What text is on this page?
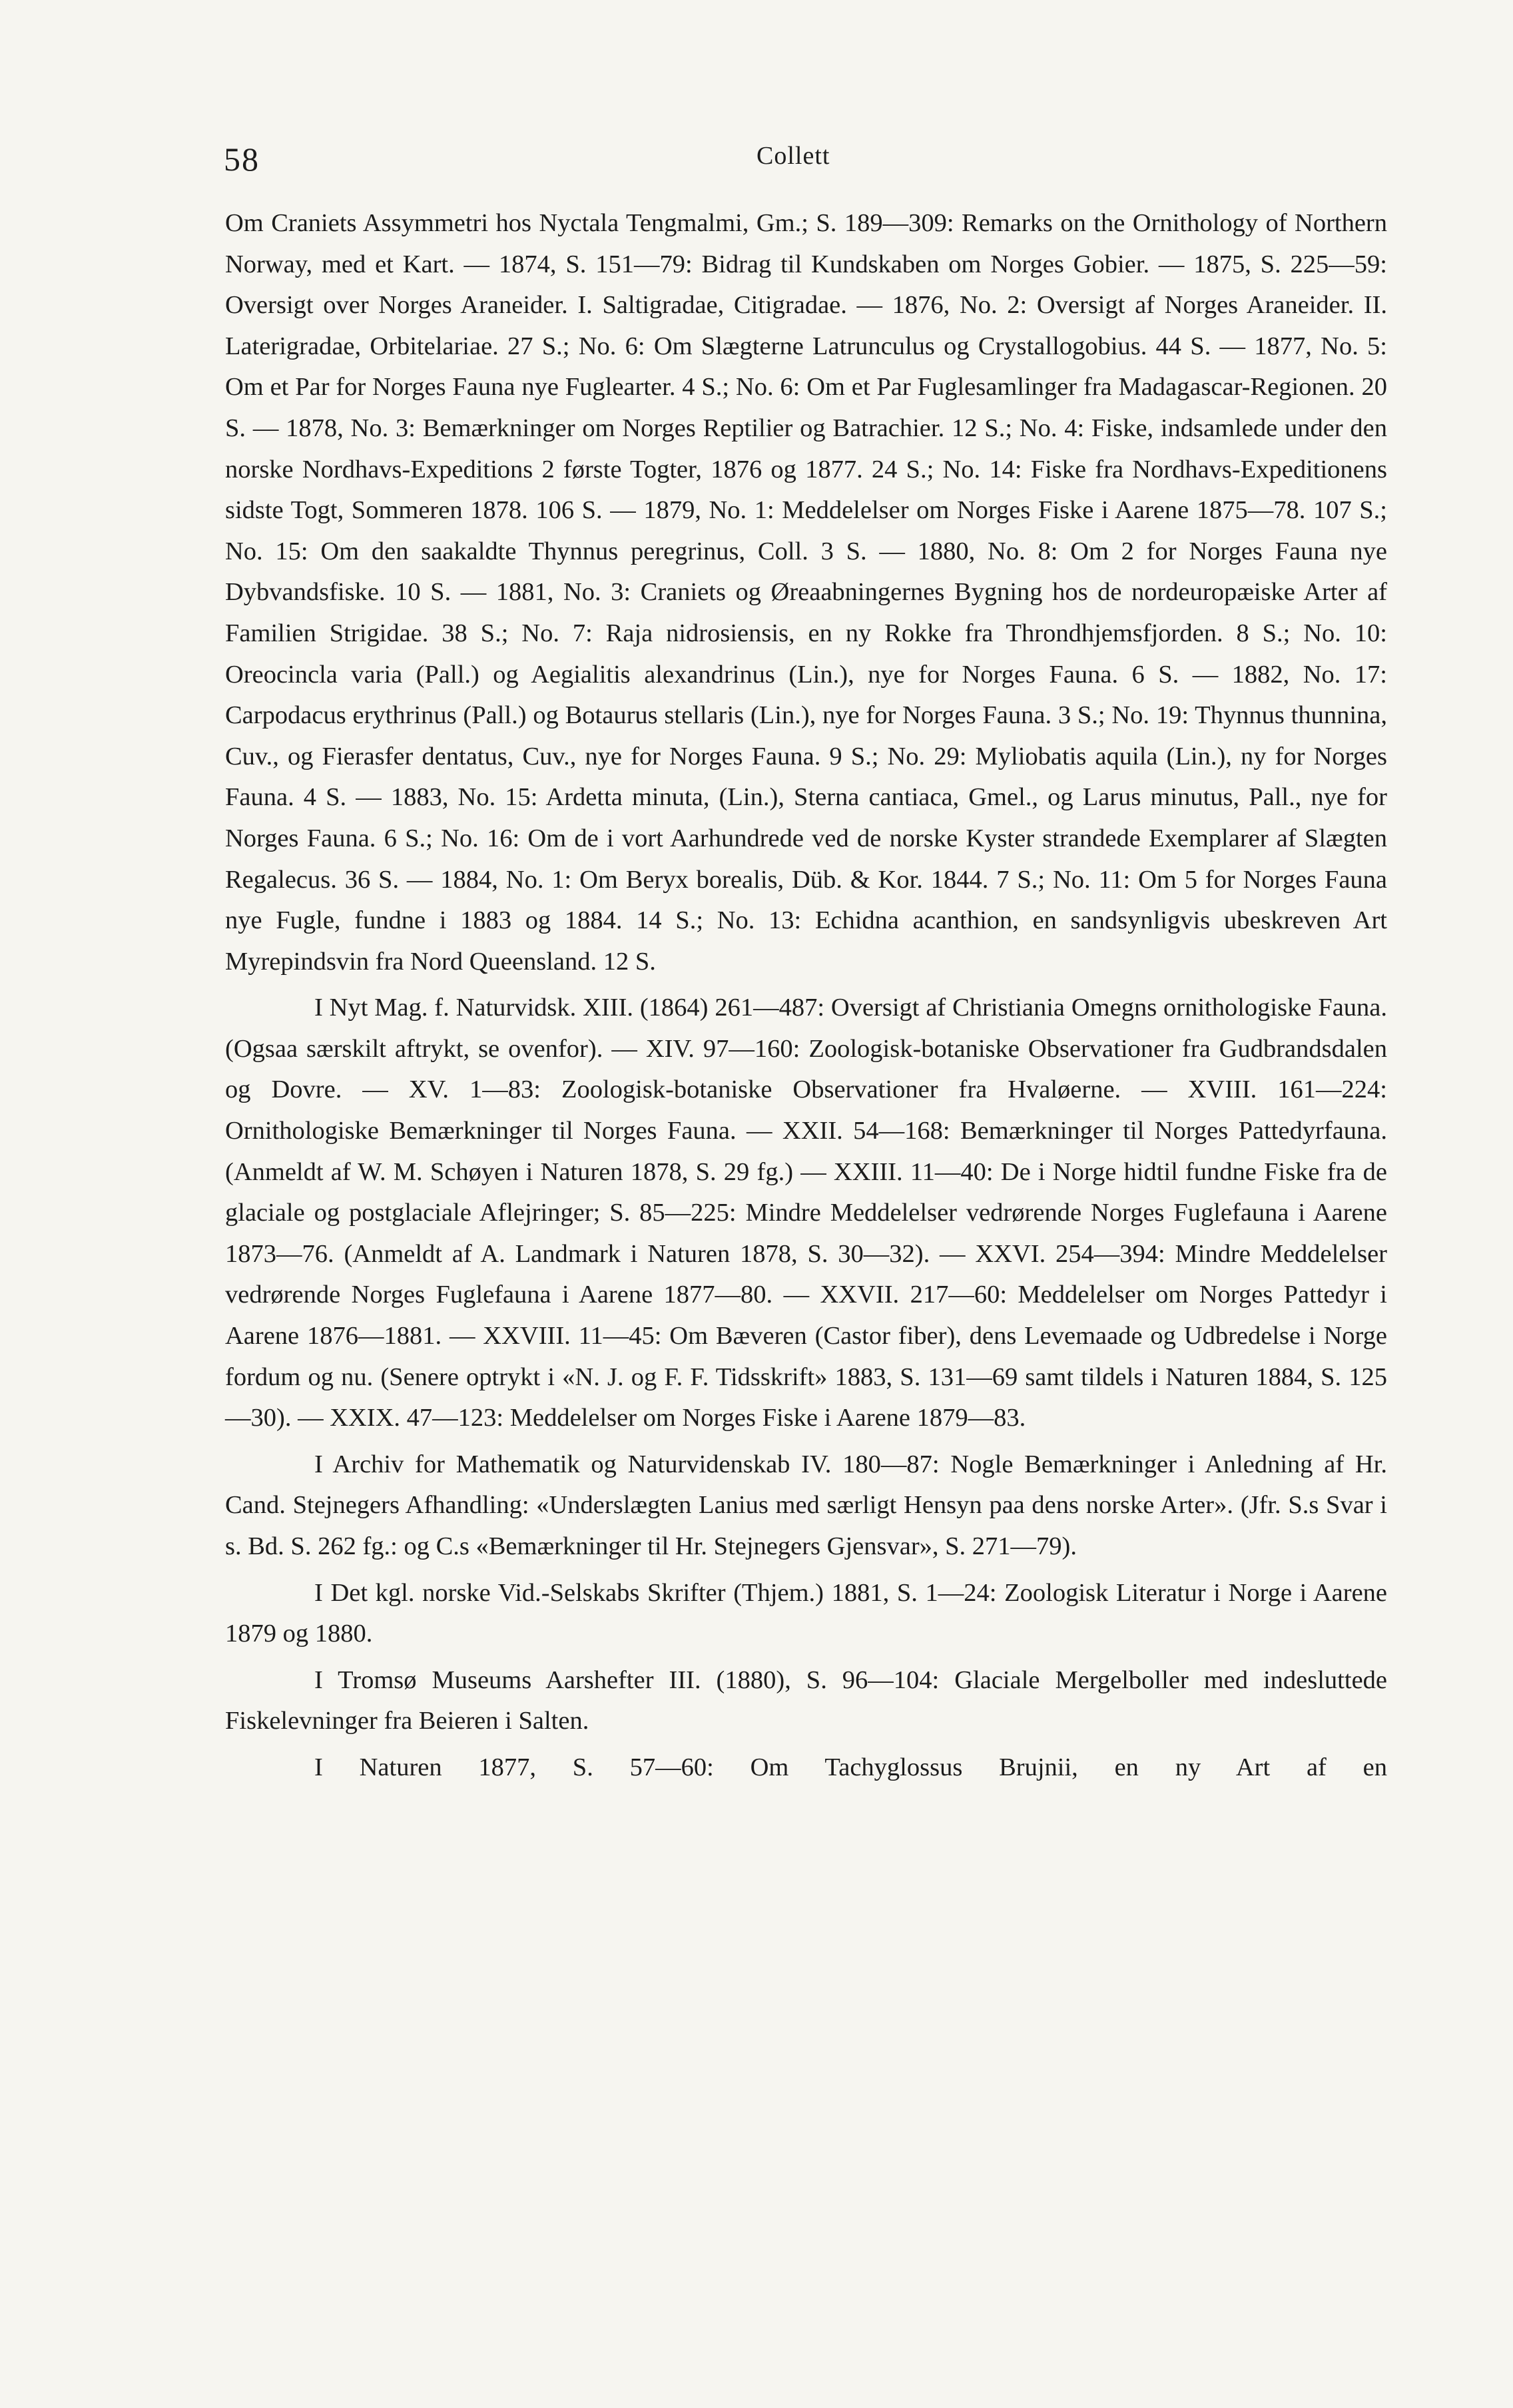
58	Collett

Om Craniets Assymmetri hos Nyctala Tengmalmi, Gm.; S. 189—309: Remarks on the Ornithology of Northern Norway, med et Kart. — 1874, S. 151—79: Bidrag til Kundskaben om Norges Gobier. — 1875, S. 225—59: Oversigt over Norges Araneider. I. Saltigradae, Citigradae. — 1876, No. 2: Oversigt af Norges Araneider. II. Laterigradae, Orbitelariae. 27 S.; No. 6: Om Slægterne Latrunculus og Crystallogobius. 44 S. — 1877, No. 5: Om et Par for Norges Fauna nye Fuglearter. 4 S.; No. 6: Om et Par Fuglesamlinger fra Madagascar-Regionen. 20 S. — 1878, No. 3: Bemærkninger om Norges Reptilier og Batrachier. 12 S.; No. 4: Fiske, indsamlede under den norske Nordhavs-Expeditions 2 første Togter, 1876 og 1877. 24 S.; No. 14: Fiske fra Nordhavs-Expeditionens sidste Togt, Sommeren 1878. 106 S. — 1879, No. 1: Meddelelser om Norges Fiske i Aarene 1875—78. 107 S.; No. 15: Om den saakaldte Thynnus peregrinus, Coll. 3 S. — 1880, No. 8: Om 2 for Norges Fauna nye Dybvandsfiske. 10 S. — 1881, No. 3: Craniets og Øreaabningernes Bygning hos de nordeuropæiske Arter af Familien Strigidae. 38 S.; No. 7: Raja nidrosiensis, en ny Rokke fra Throndhjemsfjorden. 8 S.; No. 10: Oreocincla varia (Pall.) og Aegialitis alexandrinus (Lin.), nye for Norges Fauna. 6 S. — 1882, No. 17: Carpodacus erythrinus (Pall.) og Botaurus stellaris (Lin.), nye for Norges Fauna. 3 S.; No. 19: Thynnus thunnina, Cuv., og Fierasfer dentatus, Cuv., nye for Norges Fauna. 9 S.; No. 29: Myliobatis aquila (Lin.), ny for Norges Fauna. 4 S. — 1883, No. 15: Ardetta minuta, (Lin.), Sterna cantiaca, Gmel., og Larus minutus, Pall., nye for Norges Fauna. 6 S.; No. 16: Om de i vort Aarhundrede ved de norske Kyster strandede Exemplarer af Slægten Regalecus. 36 S. — 1884, No. 1: Om Beryx borealis, Düb. & Kor. 1844. 7 S.; No. 11: Om 5 for Norges Fauna nye Fugle, fundne i 1883 og 1884. 14 S.; No. 13: Echidna acanthion, en sandsynligvis ubeskreven Art Myrepindsvin fra Nord Queensland. 12 S.

I Nyt Mag. f. Naturvidsk. XIII. (1864) 261—487: Oversigt af Christiania Omegns ornithologiske Fauna. (Ogsaa særskilt aftrykt, se ovenfor). — XIV. 97—160: Zoologisk-botaniske Observationer fra Gudbrandsdalen og Dovre. — XV. 1—83: Zoologisk-botaniske Observationer fra Hvaløerne. — XVIII. 161—224: Ornithologiske Bemærkninger til Norges Fauna. — XXII. 54—168: Bemærkninger til Norges Pattedyrfauna. (Anmeldt af W. M. Schøyen i Naturen 1878, S. 29 fg.) — XXIII. 11—40: De i Norge hidtil fundne Fiske fra de glaciale og postglaciale Aflejringer; S. 85—225: Mindre Meddelelser vedrørende Norges Fuglefauna i Aarene 1873—76. (Anmeldt af A. Landmark i Naturen 1878, S. 30—32). — XXVI. 254—394: Mindre Meddelelser vedrørende Norges Fuglefauna i Aarene 1877—80. — XXVII. 217—60: Meddelelser om Norges Pattedyr i Aarene 1876—1881. — XXVIII. 11—45: Om Bæveren (Castor fiber), dens Levemaade og Udbredelse i Norge fordum og nu. (Senere optrykt i «N. J. og F. F. Tidsskrift» 1883, S. 131—69 samt tildels i Naturen 1884, S. 125—30). — XXIX. 47—123: Meddelelser om Norges Fiske i Aarene 1879—83.

I Archiv for Mathematik og Naturvidenskab IV. 180—87: Nogle Bemærkninger i Anledning af Hr. Cand. Stejnegers Afhandling: «Underslægten Lanius med særligt Hensyn paa dens norske Arter». (Jfr. S.s Svar i s. Bd. S. 262 fg.: og C.s «Bemærkninger til Hr. Stejnegers Gjensvar», S. 271—79).

I Det kgl. norske Vid.-Selskabs Skrifter (Thjem.) 1881, S. 1—24: Zoologisk Literatur i Norge i Aarene 1879 og 1880.

I Tromsø Museums Aarshefter III. (1880), S. 96—104: Glaciale Mergelboller med indesluttede Fiskelevninger fra Beieren i Salten.

I Naturen 1877, S. 57—60: Om Tachyglossus Brujnii, en ny Art af en
